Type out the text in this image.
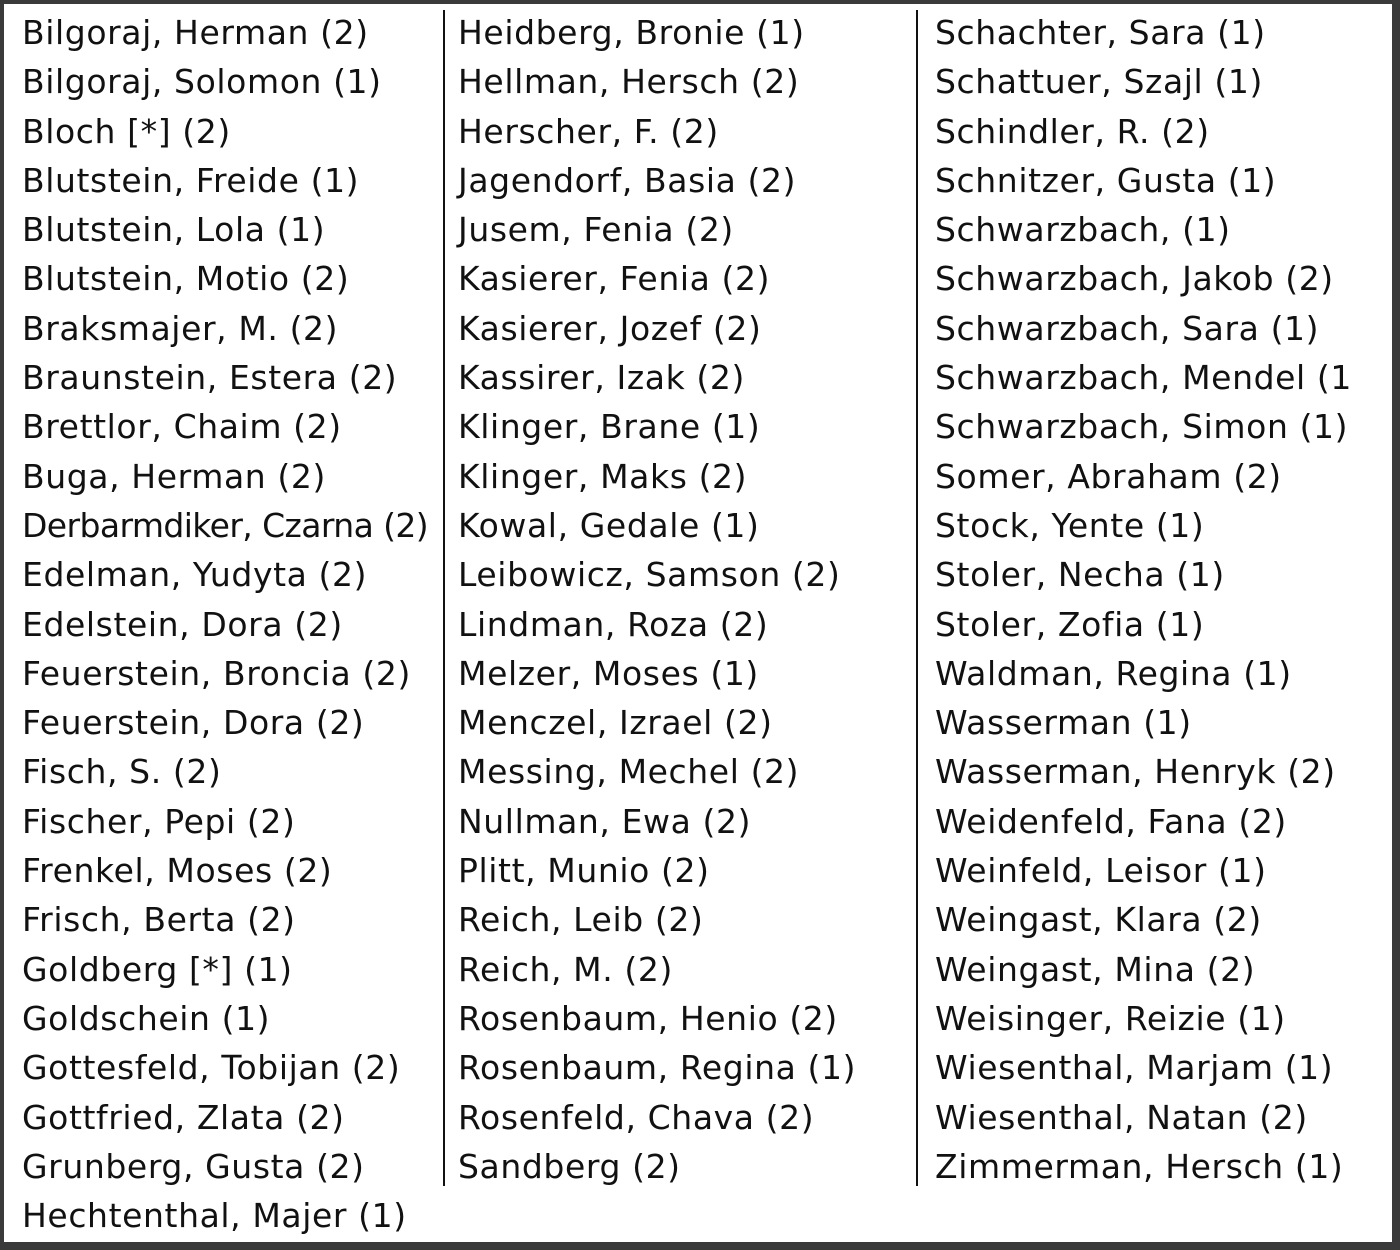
Bilgoraj, Herman (2)
Bilgoraj, Solomon (1)
Bloch [*] (2)
Blutstein, Freide (1)
Blutstein, Lola (1)
Blutstein, Motio (2)
Braksmajer, M. (2)
Braunstein, Estera (2)
Brettlor, Chaim (2)
Buga, Herman (2)
Derbarmdiker, Czarna (2)
Edelman, Yudyta (2)
Edelstein, Dora (2)
Feuerstein, Broncia (2)
Feuerstein, Dora (2)
Fisch, S. (2)
Fischer, Pepi (2)
Frenkel, Moses (2)
Frisch, Berta (2)
Goldberg [*] (1)
Goldschein (1)
Gottesfeld, Tobijan (2)
Gottfried, Zlata (2)
Grunberg, Gusta (2)
Hechtenthal, Majer (1)
Heidberg, Bronie (1)
Hellman, Hersch (2)
Herscher, F. (2)
Jagendorf, Basia (2)
Jusem, Fenia (2)
Kasierer, Fenia (2)
Kasierer, Jozef (2)
Kassirer, Izak (2)
Klinger, Brane (1)
Klinger, Maks (2)
Kowal, Gedale (1)
Leibowicz, Samson (2)
Lindman, Roza (2)
Melzer, Moses (1)
Menczel, Izrael (2)
Messing, Mechel (2)
Nullman, Ewa (2)
Plitt, Munio (2)
Reich, Leib (2)
Reich, M. (2)
Rosenbaum, Henio (2)
Rosenbaum, Regina (1)
Rosenfeld, Chava (2)
Sandberg (2)
Schachter, Sara (1)
Schattuer, Szajl (1)
Schindler, R. (2)
Schnitzer, Gusta (1)
Schwarzbach, (1)
Schwarzbach, Jakob (2)
Schwarzbach, Sara (1)
Schwarzbach, Mendel (1
Schwarzbach, Simon (1)
Somer, Abraham (2)
Stock, Yente (1)
Stoler, Necha (1)
Stoler, Zofia (1)
Waldman, Regina (1)
Wasserman (1)
Wasserman, Henryk (2)
Weidenfeld, Fana (2)
Weinfeld, Leisor (1)
Weingast, Klara (2)
Weingast, Mina (2)
Weisinger, Reizie (1)
Wiesenthal, Marjam (1)
Wiesenthal, Natan (2)
Zimmerman, Hersch (1)
